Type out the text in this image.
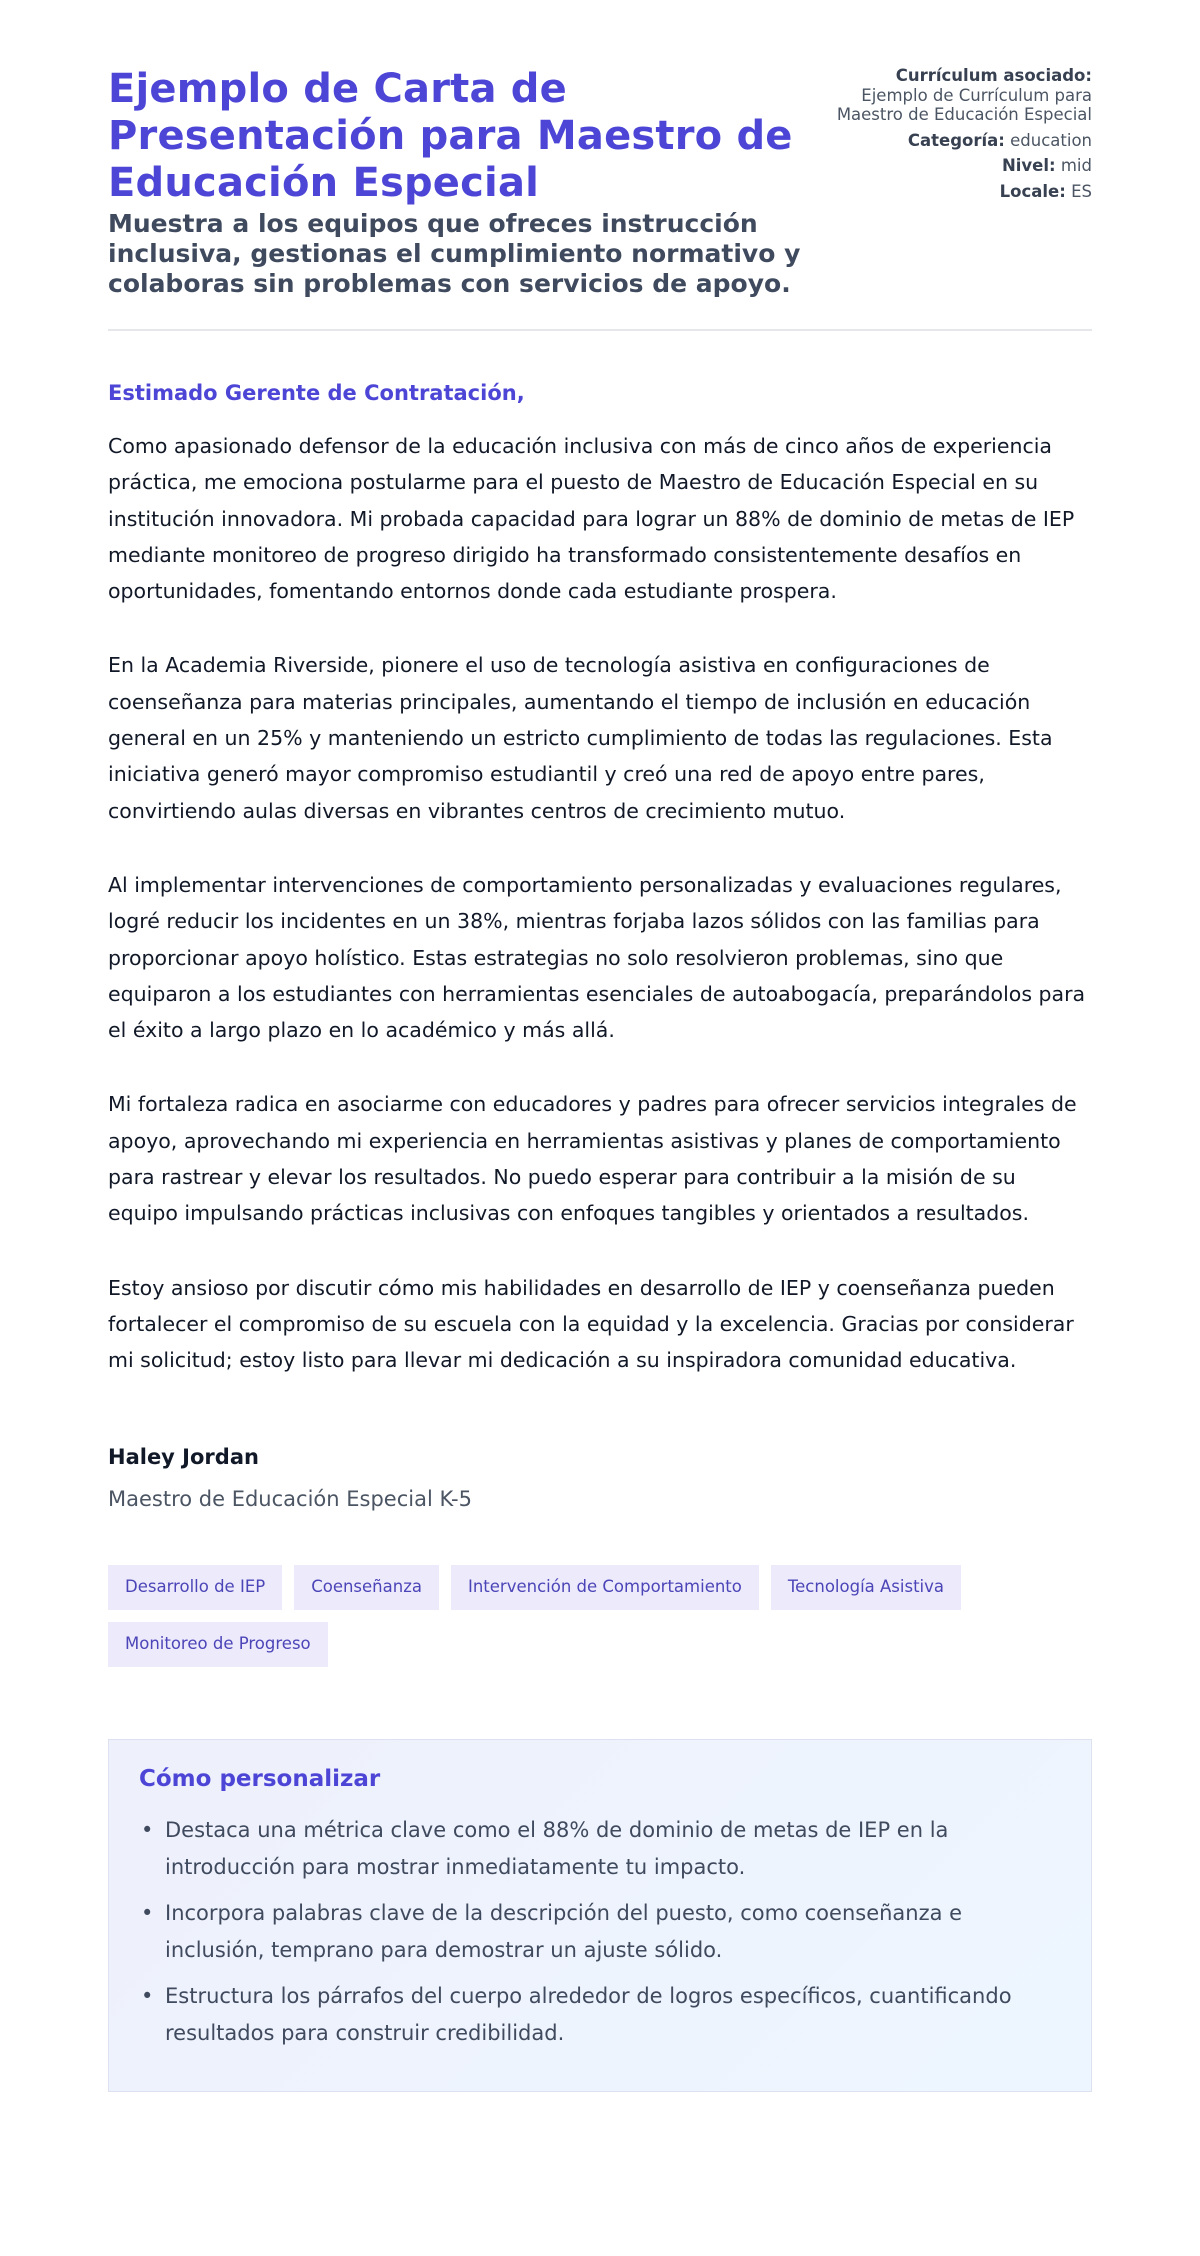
Ejemplo de Carta de Presentación para Maestro de Educación Especial
Muestra a los equipos que ofreces instrucción inclusiva, gestionas el cumplimiento normativo y colaboras sin problemas con servicios de apoyo.
Currículum asociado:
Ejemplo de Currículum para Maestro de Educación Especial
Categoría: education
Nivel: mid
Locale: ES
Estimado Gerente de Contratación,

Como apasionado defensor de la educación inclusiva con más de cinco años de experiencia práctica, me emociona postularme para el puesto de Maestro de Educación Especial en su institución innovadora. Mi probada capacidad para lograr un 88% de dominio de metas de IEP mediante monitoreo de progreso dirigido ha transformado consistentemente desafíos en oportunidades, fomentando entornos donde cada estudiante prospera.

En la Academia Riverside, pionere el uso de tecnología asistiva en configuraciones de coenseñanza para materias principales, aumentando el tiempo de inclusión en educación general en un 25% y manteniendo un estricto cumplimiento de todas las regulaciones. Esta iniciativa generó mayor compromiso estudiantil y creó una red de apoyo entre pares, convirtiendo aulas diversas en vibrantes centros de crecimiento mutuo.

Al implementar intervenciones de comportamiento personalizadas y evaluaciones regulares, logré reducir los incidentes en un 38%, mientras forjaba lazos sólidos con las familias para proporcionar apoyo holístico. Estas estrategias no solo resolvieron problemas, sino que equiparon a los estudiantes con herramientas esenciales de autoabogacía, preparándolos para el éxito a largo plazo en lo académico y más allá.

Mi fortaleza radica en asociarme con educadores y padres para ofrecer servicios integrales de apoyo, aprovechando mi experiencia en herramientas asistivas y planes de comportamiento para rastrear y elevar los resultados. No puedo esperar para contribuir a la misión de su equipo impulsando prácticas inclusivas con enfoques tangibles y orientados a resultados.

Estoy ansioso por discutir cómo mis habilidades en desarrollo de IEP y coenseñanza pueden fortalecer el compromiso de su escuela con la equidad y la excelencia. Gracias por considerar mi solicitud; estoy listo para llevar mi dedicación a su inspiradora comunidad educativa.

Haley Jordan
Maestro de Educación Especial K-5
Desarrollo de IEP	Coenseñanza	Intervención de Comportamiento	Tecnología Asistiva
Monitoreo de Progreso
Cómo personalizar
• Destaca una métrica clave como el 88% de dominio de metas de IEP en la introducción para mostrar inmediatamente tu impacto.
• Incorpora palabras clave de la descripción del puesto, como coenseñanza e inclusión, temprano para demostrar un ajuste sólido.
• Estructura los párrafos del cuerpo alrededor de logros específicos, cuantificando resultados para construir credibilidad.
